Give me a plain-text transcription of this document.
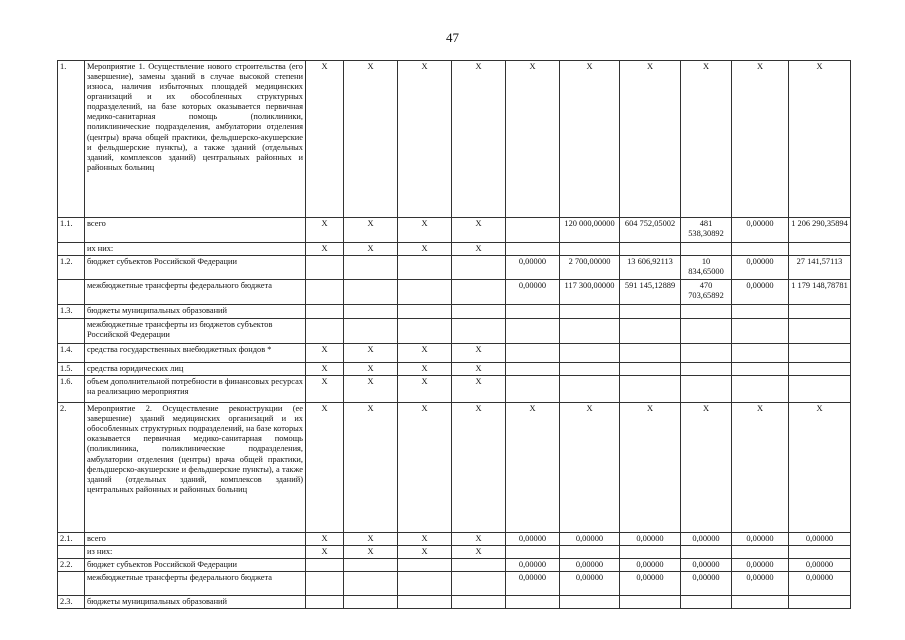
47
1.	Мероприятие 1. Осуществление нового строительства (его завершение), замены зданий в случае высокой степени износа, наличия избыточных площадей медицинских организаций и их обособленных структурных подразделений, на базе которых оказывается первичная медико-санитарная помощь (поликлиники, поликлинические подразделения, амбулатории отделения (центры) врача общей практики, фельдшерско-акушерские и фельдшерские пункты), а также зданий (отдельных зданий, комплексов зданий) центральных районных и районных больниц	X	X	X	X	X	X	X	X	X	X
1.1.	всего	X	X	X	X		120 000,00000	604 752,05002	481 538,30892	0,00000	1 206 290,35894
	их них:	X	X	X	X						
1.2.	бюджет субъектов Российской Федерации					0,00000	2 700,00000	13 606,92113	10 834,65000	0,00000	27 141,57113
	межбюджетные трансферты федерального бюджета					0,00000	117 300,00000	591 145,12889	470 703,65892	0,00000	1 179 148,78781
1.3.	бюджеты муниципальных образований										
	межбюджетные трансферты из бюджетов субъектов Российской Федерации										
1.4.	средства государственных внебюджетных фондов *	X	X	X	X						
1.5.	средства юридических лиц	X	X	X	X						
1.6.	объем дополнительной потребности в финансовых ресурсах на реализацию мероприятия	X	X	X	X						
2.	Мероприятие 2. Осуществление реконструкции (ее завершение) зданий медицинских организаций и их обособленных структурных подразделений, на базе которых оказывается первичная медико-санитарная помощь (поликлиника, поликлинические подразделения, амбулатории отделения (центры) врача общей практики, фельдшерско-акушерские и фельдшерские пункты), а также зданий (отдельных зданий, комплексов зданий) центральных районных и районных больниц	X	X	X	X	X	X	X	X	X	X
2.1.	всего	X	X	X	X	0,00000	0,00000	0,00000	0,00000	0,00000	0,00000
	из них:	X	X	X	X						
2.2.	бюджет субъектов Российской Федерации					0,00000	0,00000	0,00000	0,00000	0,00000	0,00000
	межбюджетные трансферты федерального бюджета					0,00000	0,00000	0,00000	0,00000	0,00000	0,00000
2.3.	бюджеты муниципальных образований										
